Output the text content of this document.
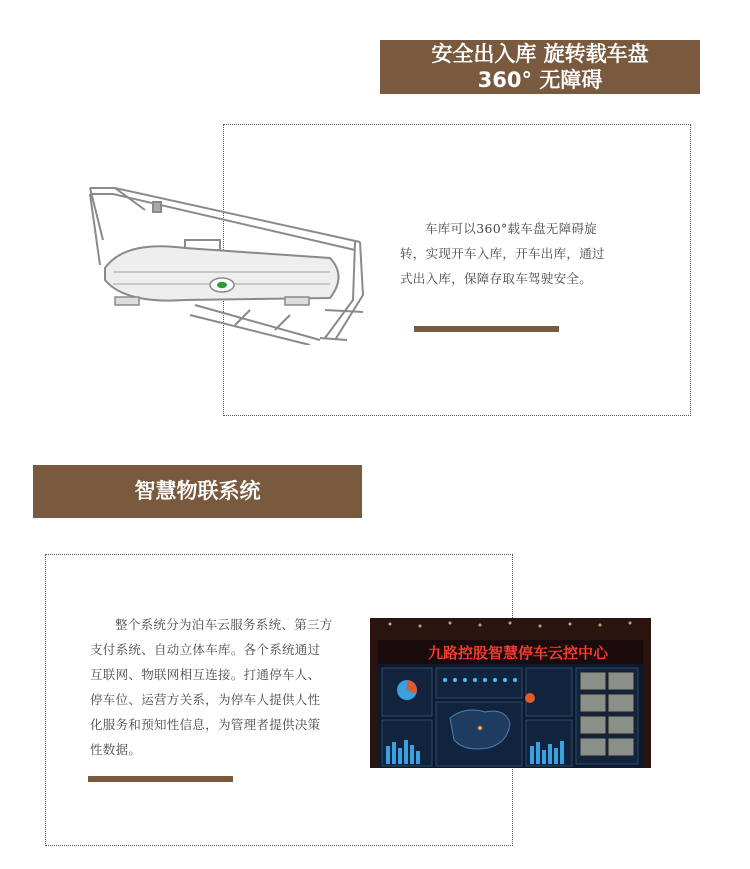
安全出入库 旋转载车盘
360° 无障碍
车库可以360°载车盘无障碍旋转，实现开车入库，开车出库，通过式出入库，保障存取车驾驶安全。
智慧物联系统
整个系统分为泊车云服务系统、第三方支付系统、自动立体车库。各个系统通过互联网、物联网相互连接。打通停车人、停车位、运营方关系，为停车人提供人性化服务和预知性信息，为管理者提供决策性数据。
九路控股智慧停车云控中心
